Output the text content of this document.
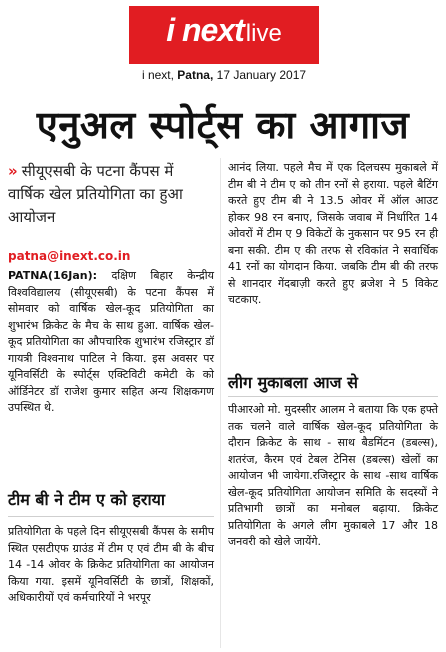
i next live
i next, Patna, 17 January 2017
एनुअल स्पोर्ट्स का आगाज
» सीयूएसबी के पटना कैंपस में वार्षिक खेल प्रतियोगिता का हुआ आयोजन
patna@inext.co.in
PATNA(16Jan): दक्षिण बिहार केन्द्रीय विश्वविद्यालय (सीयूएसबी) के पटना कैंपस में सोमवार को वार्षिक खेल-कूद प्रतियोगिता का शुभारंभ क्रिकेट के मैच के साथ हुआ. वार्षिक खेल- कूद प्रतियोगिता का औपचारिक शुभारंभ रजिस्ट्रार डॉ गायत्री विश्वनाथ पाटिल ने किया. इस अवसर पर यूनिवर्सिटी के स्पोर्ट्स एक्टिविटी कमेटी के को ऑर्डिनेटर डॉ राजेश कुमार सहित अन्य शिक्षकगण उपस्थित थे.
टीम बी ने टीम ए को हराया
प्रतियोगिता के पहले दिन सीयूएसबी कैंपस के समीप स्थित एसटीएफ ग्राउंड में टीम ए एवं टीम बी के बीच 14 -14 ओवर के क्रिकेट प्रतियोगिता का आयोजन किया गया. इसमें यूनिवर्सिटी के छात्रों, शिक्षकों, अधिकारीयों एवं कर्मचारियों ने भरपूर
आनंद लिया. पहले मैच में एक दिलचस्प मुकाबले में टीम बी ने टीम ए को तीन रनों से हराया. पहले बैटिंग करते हुए टीम बी ने 13.5 ओवर में ऑल आउट होकर 98 रन बनाए, जिसके जवाब में निर्धारित 14 ओवरों में टीम ए 9 विकेटों के नुकसान पर 95 रन ही बना सकी. टीम ए की तरफ से रविकांत ने सवार्धिक 41 रनों का योगदान किया. जबकि टीम बी की तरफ से शानदार गेंदबाज़ी करते हुए ब्रजेश ने 5 विकेट चटकाए.
लीग मुकाबला आज से
पीआरओ मो. मुदस्सीर आलम ने बताया कि एक हफ्ते तक चलने वाले वार्षिक खेल-कूद प्रतियोगिता के दौरान क्रिकेट के साथ - साथ बैडमिंटन (डबल्स), शतरंज, कैरम एवं टेबल टेनिस (डबल्स) खेलों का आयोजन भी जायेगा.रजिस्ट्रार के साथ -साथ वार्षिक खेल-कूद प्रतियोगिता आयोजन समिति के सदस्यों ने प्रतिभागी छात्रों का मनोबल बढ़ाया. क्रिकेट प्रतियोगिता के अगले लीग मुकाबले 17 और 18 जनवरी को खेले जायेंगे.
